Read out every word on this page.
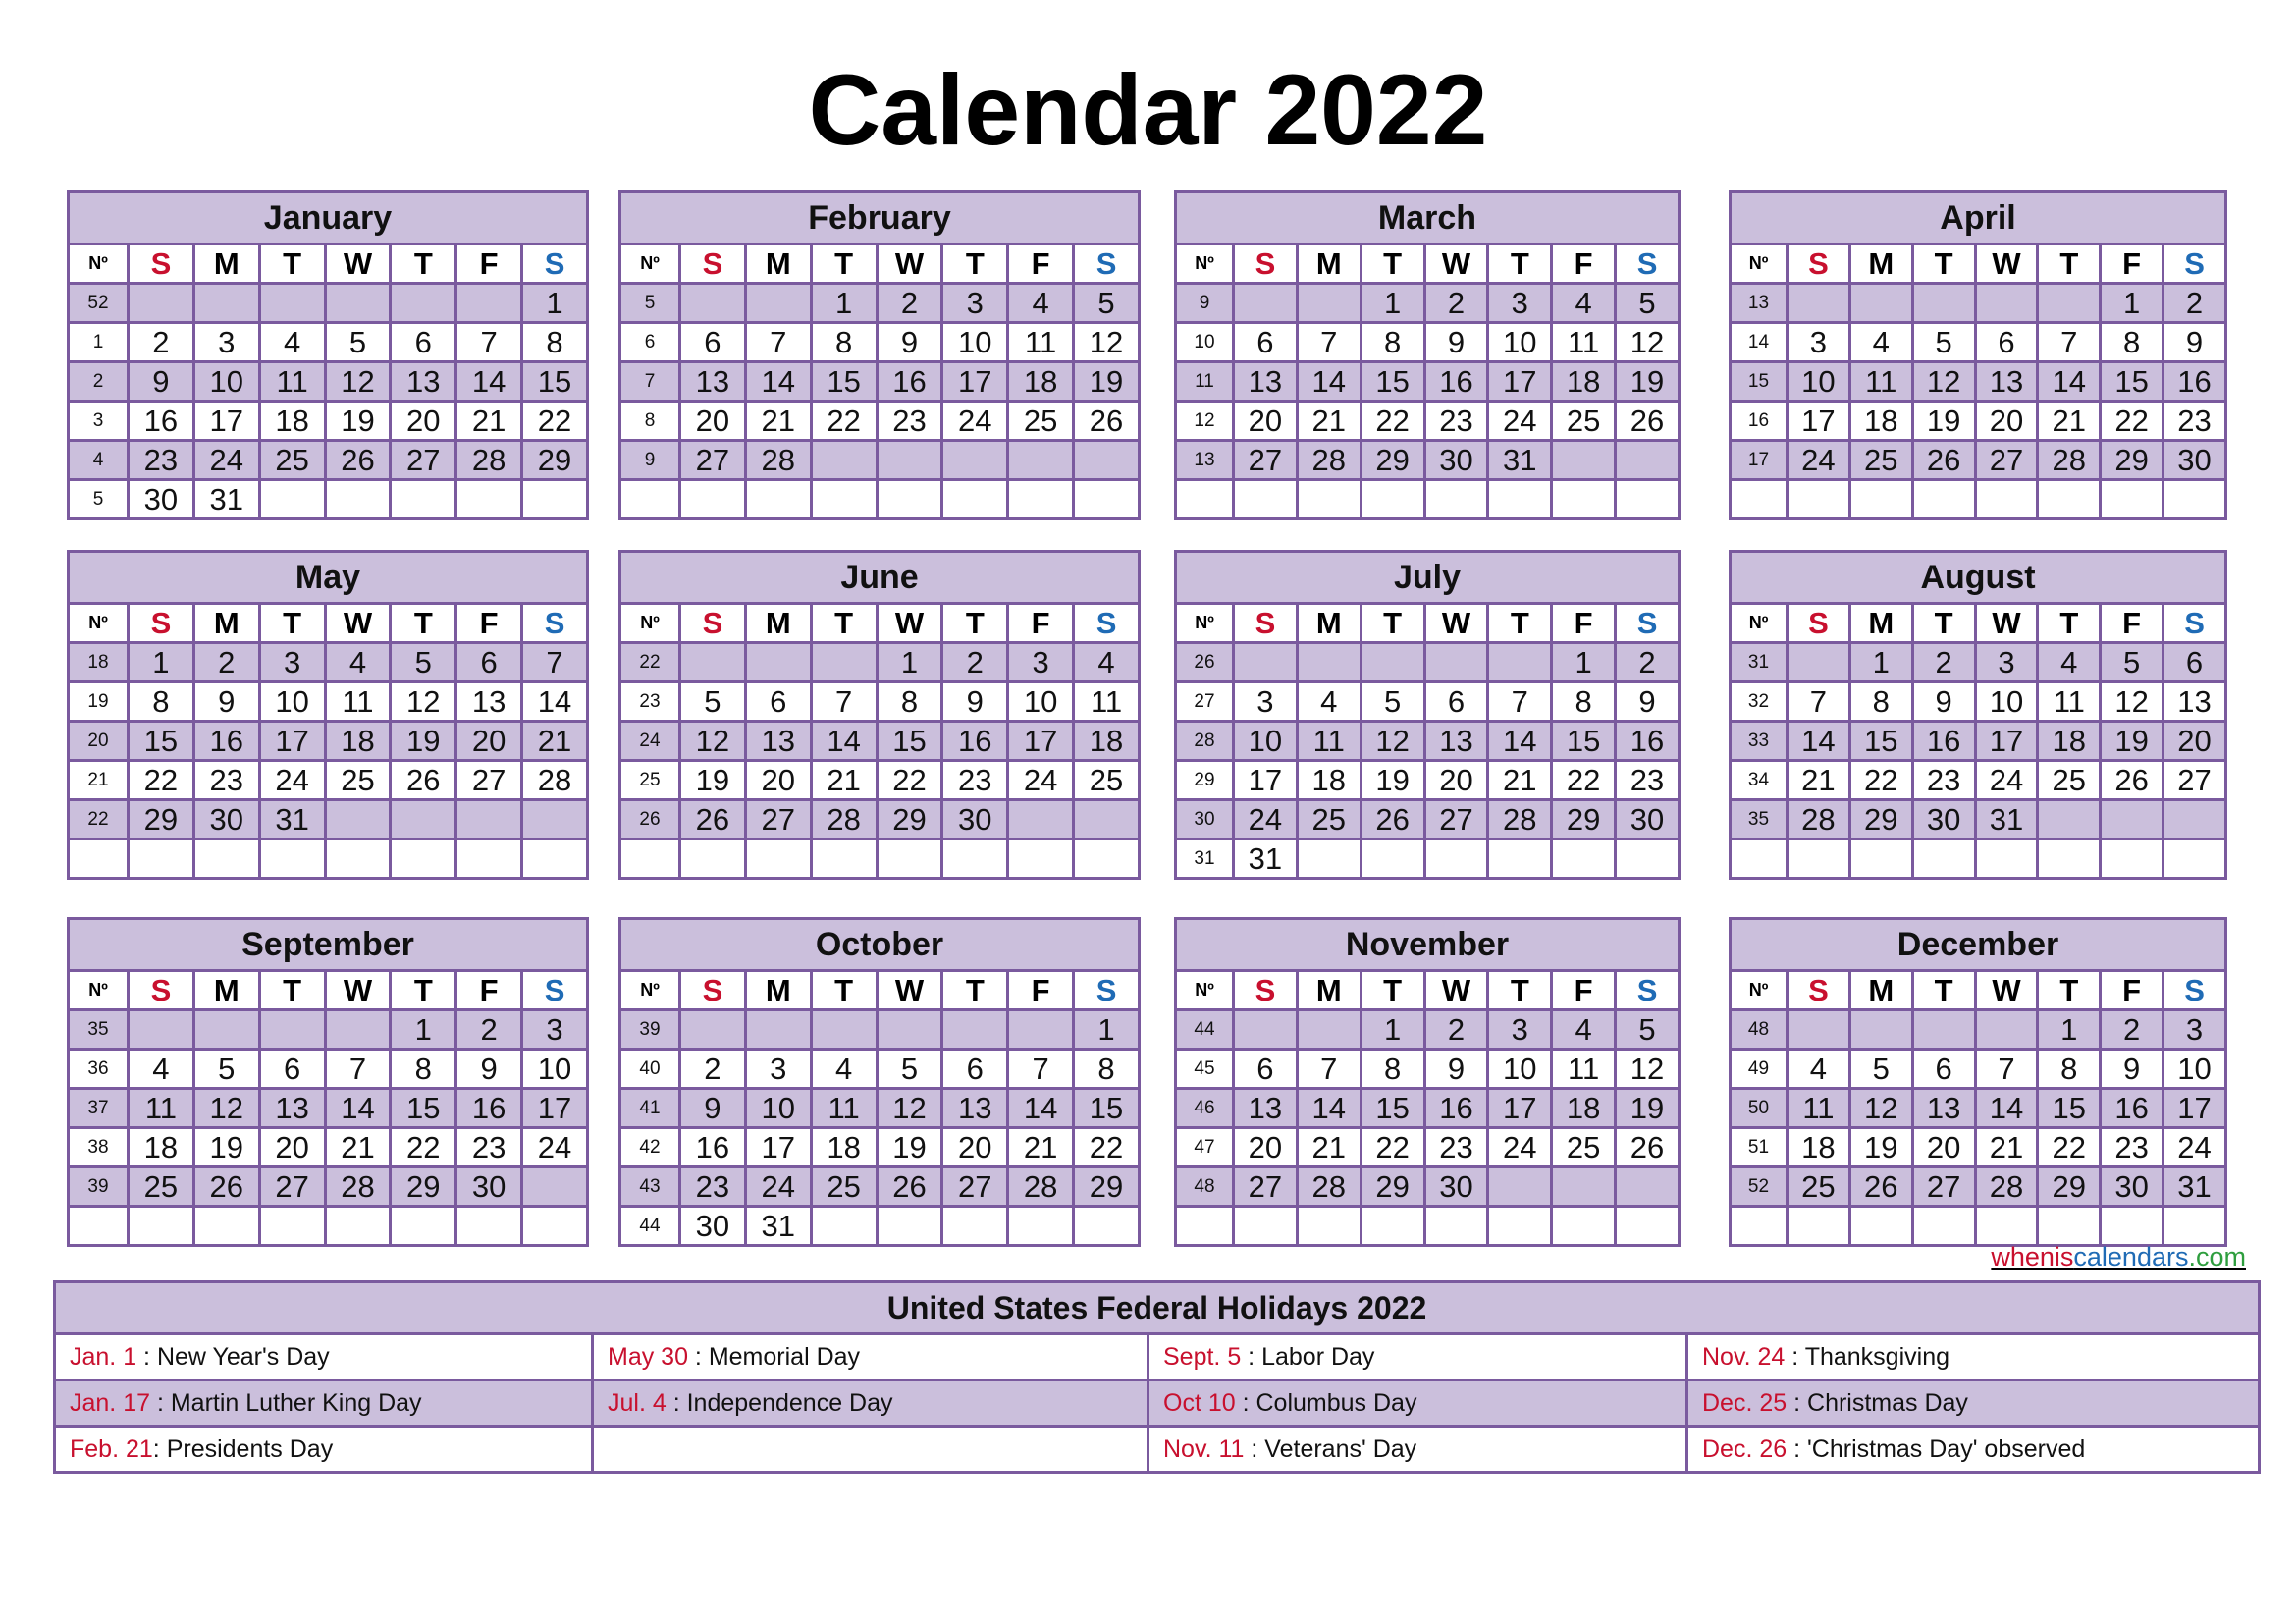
Calendar 2022
January							
Nº	S	M	T	W	T	F	S
52							1
1	2	3	4	5	6	7	8
2	9	10	11	12	13	14	15
3	16	17	18	19	20	21	22
4	23	24	25	26	27	28	29
5	30	31					
February							
Nº	S	M	T	W	T	F	S
5			1	2	3	4	5
6	6	7	8	9	10	11	12
7	13	14	15	16	17	18	19
8	20	21	22	23	24	25	26
9	27	28					

March							
Nº	S	M	T	W	T	F	S
9			1	2	3	4	5
10	6	7	8	9	10	11	12
11	13	14	15	16	17	18	19
12	20	21	22	23	24	25	26
13	27	28	29	30	31		

April							
Nº	S	M	T	W	T	F	S
13						1	2
14	3	4	5	6	7	8	9
15	10	11	12	13	14	15	16
16	17	18	19	20	21	22	23
17	24	25	26	27	28	29	30

May							
Nº	S	M	T	W	T	F	S
18	1	2	3	4	5	6	7
19	8	9	10	11	12	13	14
20	15	16	17	18	19	20	21
21	22	23	24	25	26	27	28
22	29	30	31				

June							
Nº	S	M	T	W	T	F	S
22				1	2	3	4
23	5	6	7	8	9	10	11
24	12	13	14	15	16	17	18
25	19	20	21	22	23	24	25
26	26	27	28	29	30		

July							
Nº	S	M	T	W	T	F	S
26						1	2
27	3	4	5	6	7	8	9
28	10	11	12	13	14	15	16
29	17	18	19	20	21	22	23
30	24	25	26	27	28	29	30
31	31						
August							
Nº	S	M	T	W	T	F	S
31		1	2	3	4	5	6
32	7	8	9	10	11	12	13
33	14	15	16	17	18	19	20
34	21	22	23	24	25	26	27
35	28	29	30	31			

September							
Nº	S	M	T	W	T	F	S
35					1	2	3
36	4	5	6	7	8	9	10
37	11	12	13	14	15	16	17
38	18	19	20	21	22	23	24
39	25	26	27	28	29	30	

October							
Nº	S	M	T	W	T	F	S
39							1
40	2	3	4	5	6	7	8
41	9	10	11	12	13	14	15
42	16	17	18	19	20	21	22
43	23	24	25	26	27	28	29
44	30	31					
November							
Nº	S	M	T	W	T	F	S
44			1	2	3	4	5
45	6	7	8	9	10	11	12
46	13	14	15	16	17	18	19
47	20	21	22	23	24	25	26
48	27	28	29	30			

December							
Nº	S	M	T	W	T	F	S
48					1	2	3
49	4	5	6	7	8	9	10
50	11	12	13	14	15	16	17
51	18	19	20	21	22	23	24
52	25	26	27	28	29	30	31

wheniscalendars.com
United States Federal Holidays 2022			
Jan. 1 : New Year's Day	May 30 : Memorial Day	Sept. 5 : Labor Day	Nov. 24 : Thanksgiving
Jan. 17 : Martin Luther King Day	Jul. 4 : Independence Day	Oct 10 : Columbus Day	Dec. 25 : Christmas Day
Feb. 21: Presidents Day		Nov. 11 : Veterans' Day	Dec. 26 : 'Christmas Day' observed
